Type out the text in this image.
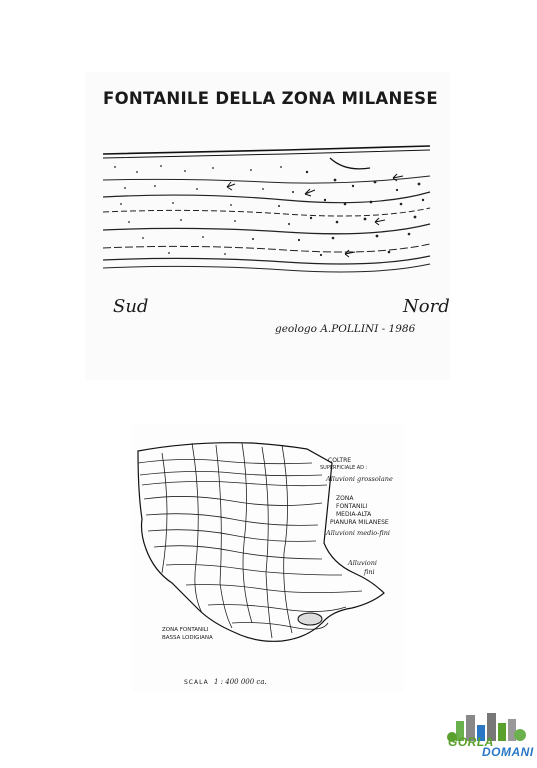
FONTANILE DELLA ZONA MILANESE
Sud	Nord
geologo A.POLLINI - 1986
COLTRE
SUPERFICIALE AD :
Alluvioni grossolane
ZONA
FONTANILI
MEDIA-ALTA
PIANURA MILANESE
Alluvioni medio-fini
Alluvioni
fini
ZONA FONTANILI
BASSA LODIGIANA
SCALA 1 : 400 000 ca.
GORLA
DOMANI
